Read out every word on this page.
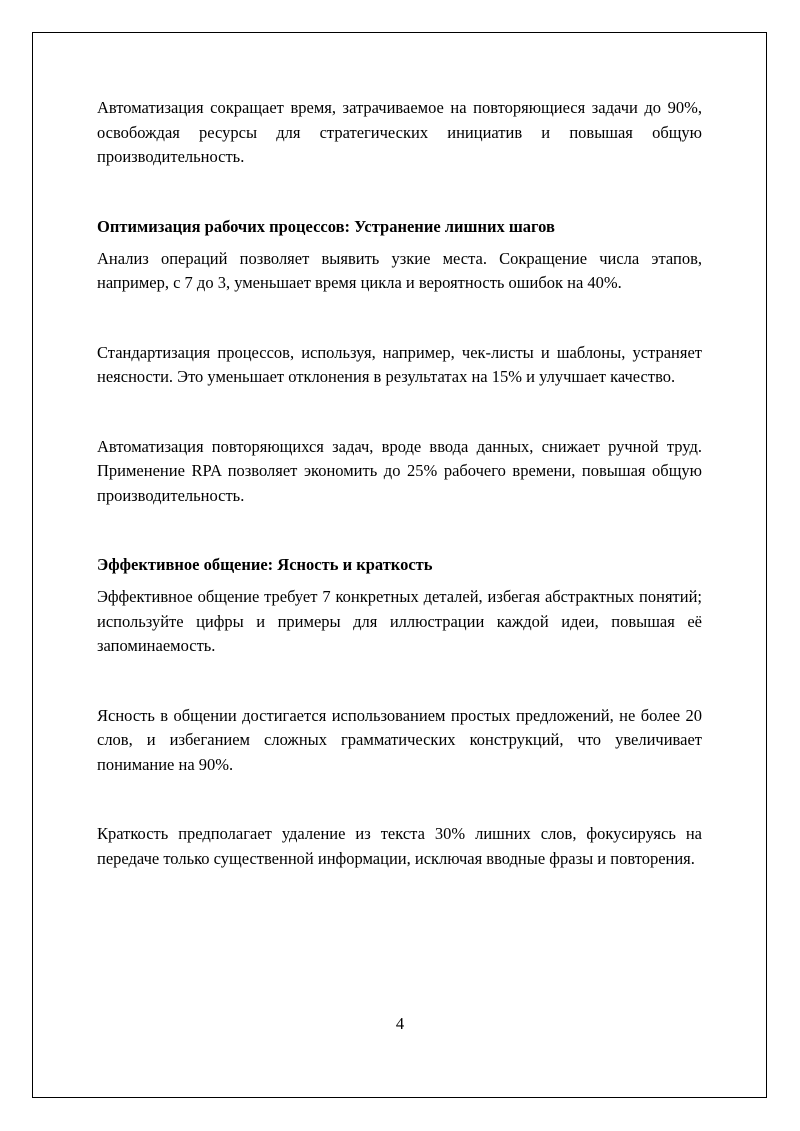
Автоматизация сокращает время, затрачиваемое на повторяющиеся задачи до 90%, освобождая ресурсы для стратегических инициатив и повышая общую производительность.

Оптимизация рабочих процессов: Устранение лишних шагов

Анализ операций позволяет выявить узкие места. Сокращение числа этапов, например, с 7 до 3, уменьшает время цикла и вероятность ошибок на 40%.

Стандартизация процессов, используя, например, чек-листы и шаблоны, устраняет неясности. Это уменьшает отклонения в результатах на 15% и улучшает качество.

Автоматизация повторяющихся задач, вроде ввода данных, снижает ручной труд. Применение RPA позволяет экономить до 25% рабочего времени, повышая общую производительность.

Эффективное общение: Ясность и краткость

Эффективное общение требует 7 конкретных деталей, избегая абстрактных понятий; используйте цифры и примеры для иллюстрации каждой идеи, повышая её запоминаемость.

Ясность в общении достигается использованием простых предложений, не более 20 слов, и избеганием сложных грамматических конструкций, что увеличивает понимание на 90%.

Краткость предполагает удаление из текста 30% лишних слов, фокусируясь на передаче только существенной информации, исключая вводные фразы и повторения.

4
